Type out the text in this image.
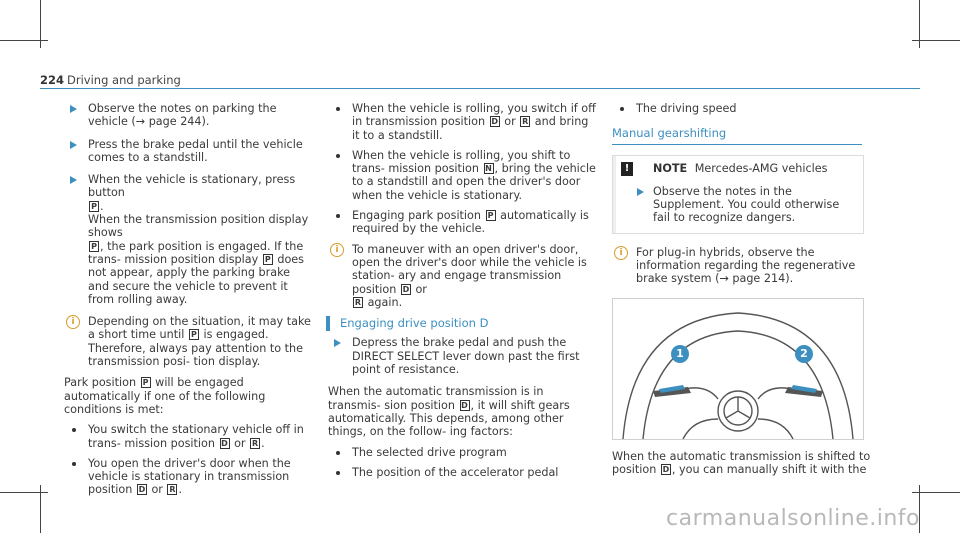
224 Driving and parking
Observe the notes on parking the vehicle (→ page 244).
Press the brake pedal until the vehicle comes to a standstill.
When the vehicle is stationary, press button
P .
When the transmission position display shows
P , the park position is engaged. If the trans- mission position display P does not appear, apply the parking brake and secure the vehicle to prevent it from rolling away.
i	Depending on the situation, it may take a short time until P is engaged. Therefore, always pay attention to the transmission posi- tion display.
Park position P will be engaged automatically if one of the following conditions is met:
You switch the stationary vehicle off in trans- mission position D or R .
You open the driver's door when the vehicle is stationary in transmission position D or R .
When the vehicle is rolling, you switch if off in transmission position D or R and bring it to a standstill.
When the vehicle is rolling, you shift to trans- mission position N , bring the vehicle to a standstill and open the driver's door when the vehicle is stationary.
Engaging park position P automatically is required by the vehicle.
i	To maneuver with an open driver's door, open the driver's door while the vehicle is station- ary and engage transmission position D or
R again.
Engaging drive position D
Depress the brake pedal and push the DIRECT SELECT lever down past the first point of resistance.
When the automatic transmission is in transmis- sion position D , it will shift gears automatically. This depends, among other things, on the follow- ing factors:
The selected drive program
The position of the accelerator pedal
The driving speed
Manual gearshifting
!	NOTE Mercedes-AMG vehicles
Observe the notes in the Supplement. You could otherwise fail to recognize dangers.
i	For plug-in hybrids, observe the information regarding the regenerative brake system (→ page 214).
1	2
When the automatic transmission is shifted to position D , you can manually shift it with the
carmanualsonline.info
